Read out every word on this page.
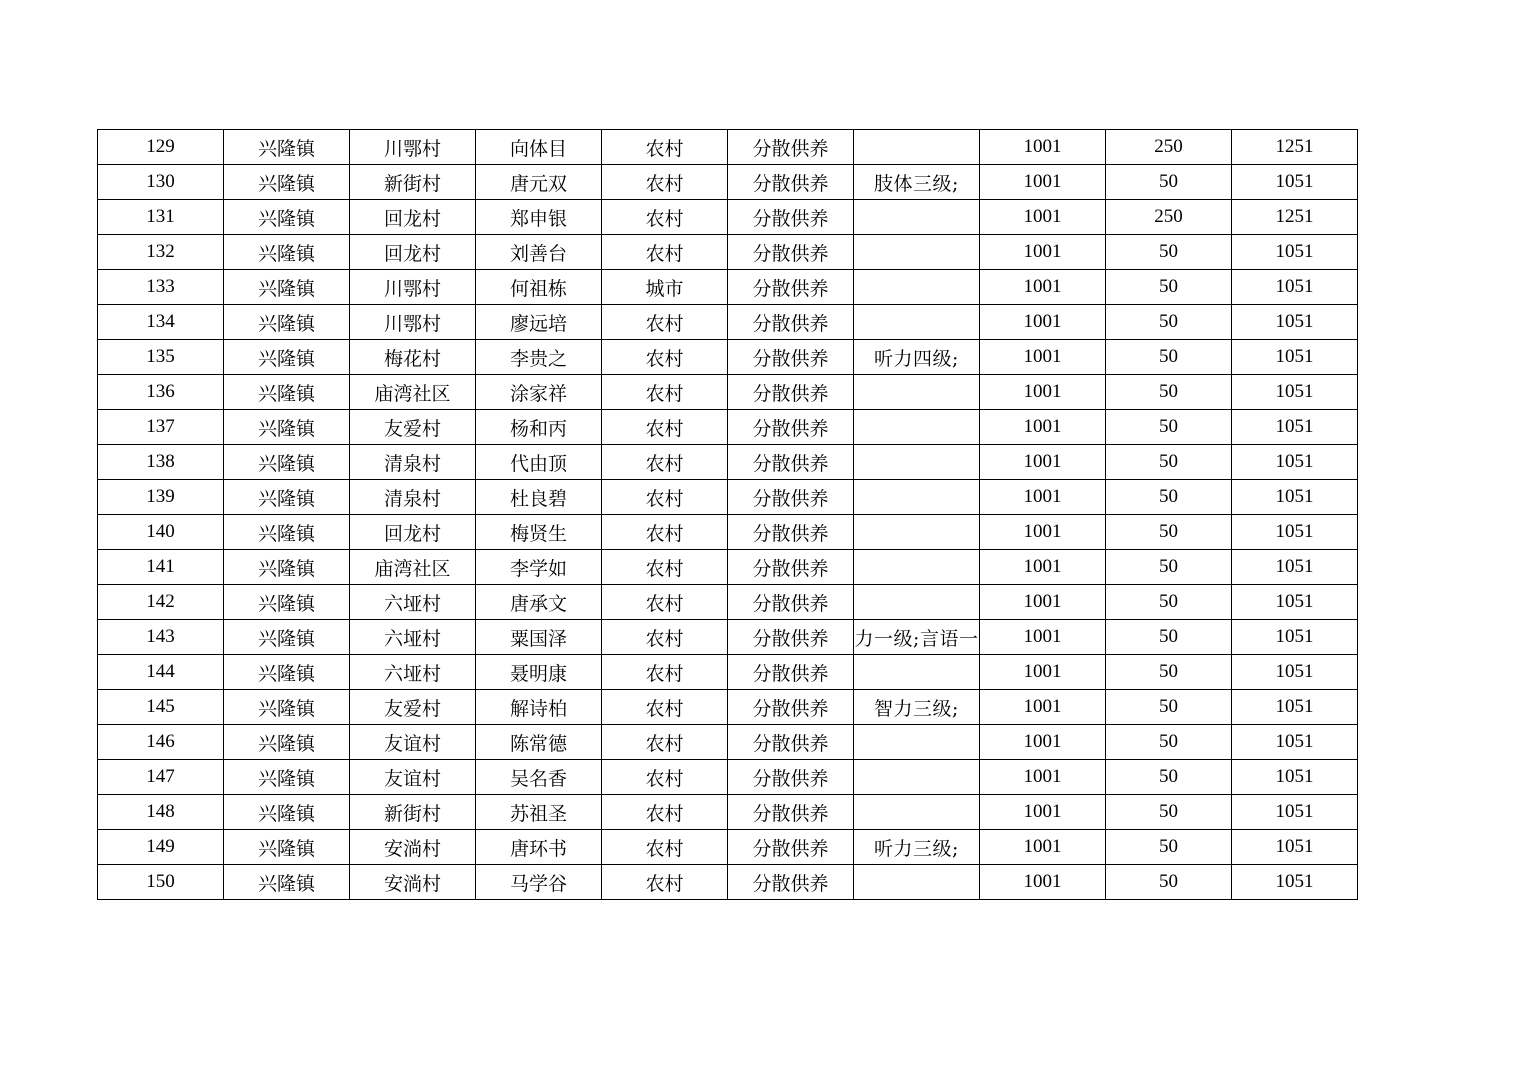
129	兴隆镇	川鄂村	向体目	农村	分散供养		1001	250	1251
130	兴隆镇	新街村	唐元双	农村	分散供养	肢体三级;	1001	50	1051
131	兴隆镇	回龙村	郑申银	农村	分散供养		1001	250	1251
132	兴隆镇	回龙村	刘善台	农村	分散供养		1001	50	1051
133	兴隆镇	川鄂村	何祖栋	城市	分散供养		1001	50	1051
134	兴隆镇	川鄂村	廖远培	农村	分散供养		1001	50	1051
135	兴隆镇	梅花村	李贵之	农村	分散供养	听力四级;	1001	50	1051
136	兴隆镇	庙湾社区	涂家祥	农村	分散供养		1001	50	1051
137	兴隆镇	友爱村	杨和丙	农村	分散供养		1001	50	1051
138	兴隆镇	清泉村	代由顶	农村	分散供养		1001	50	1051
139	兴隆镇	清泉村	杜良碧	农村	分散供养		1001	50	1051
140	兴隆镇	回龙村	梅贤生	农村	分散供养		1001	50	1051
141	兴隆镇	庙湾社区	李学如	农村	分散供养		1001	50	1051
142	兴隆镇	六垭村	唐承文	农村	分散供养		1001	50	1051
143	兴隆镇	六垭村	粟国泽	农村	分散供养	力一级;言语一	1001	50	1051
144	兴隆镇	六垭村	聂明康	农村	分散供养		1001	50	1051
145	兴隆镇	友爱村	解诗柏	农村	分散供养	智力三级;	1001	50	1051
146	兴隆镇	友谊村	陈常德	农村	分散供养		1001	50	1051
147	兴隆镇	友谊村	吴名香	农村	分散供养		1001	50	1051
148	兴隆镇	新街村	苏祖圣	农村	分散供养		1001	50	1051
149	兴隆镇	安淌村	唐环书	农村	分散供养	听力三级;	1001	50	1051
150	兴隆镇	安淌村	马学谷	农村	分散供养		1001	50	1051
